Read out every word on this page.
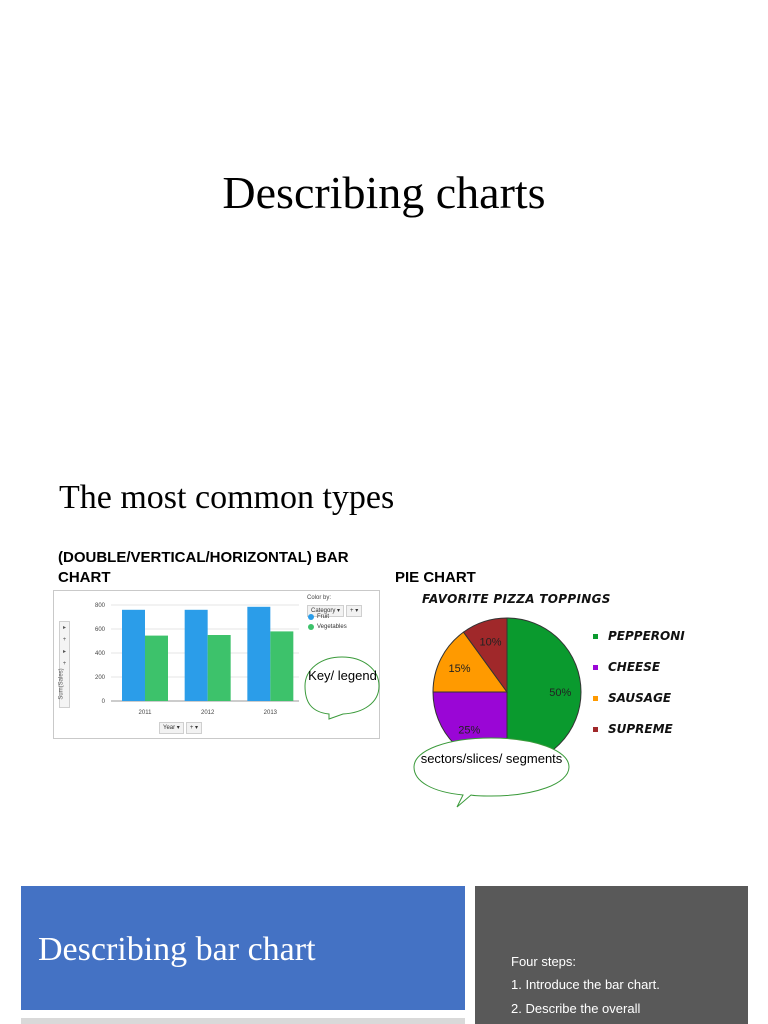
Describing charts
The most common types
(DOUBLE/VERTICAL/HORIZONTAL) BAR CHART	PIE CHART
0
200
400
600
800
2011	2012	2013
▸
+
▸
+
Sum(Sales)
Color by:
Category ▾	+ ▾
Fruit
Vegetables
Year ▾	+ ▾
Key/ legend
FAVORITE PIZZA TOPPINGS
50%
25%
15%
10%	PEPPERONI
CHEESE
SAUSAGE
SUPREME
sectors/slices/ segments
Describing bar chart	Four steps:
1. Introduce the bar chart.
2. Describe the overall
